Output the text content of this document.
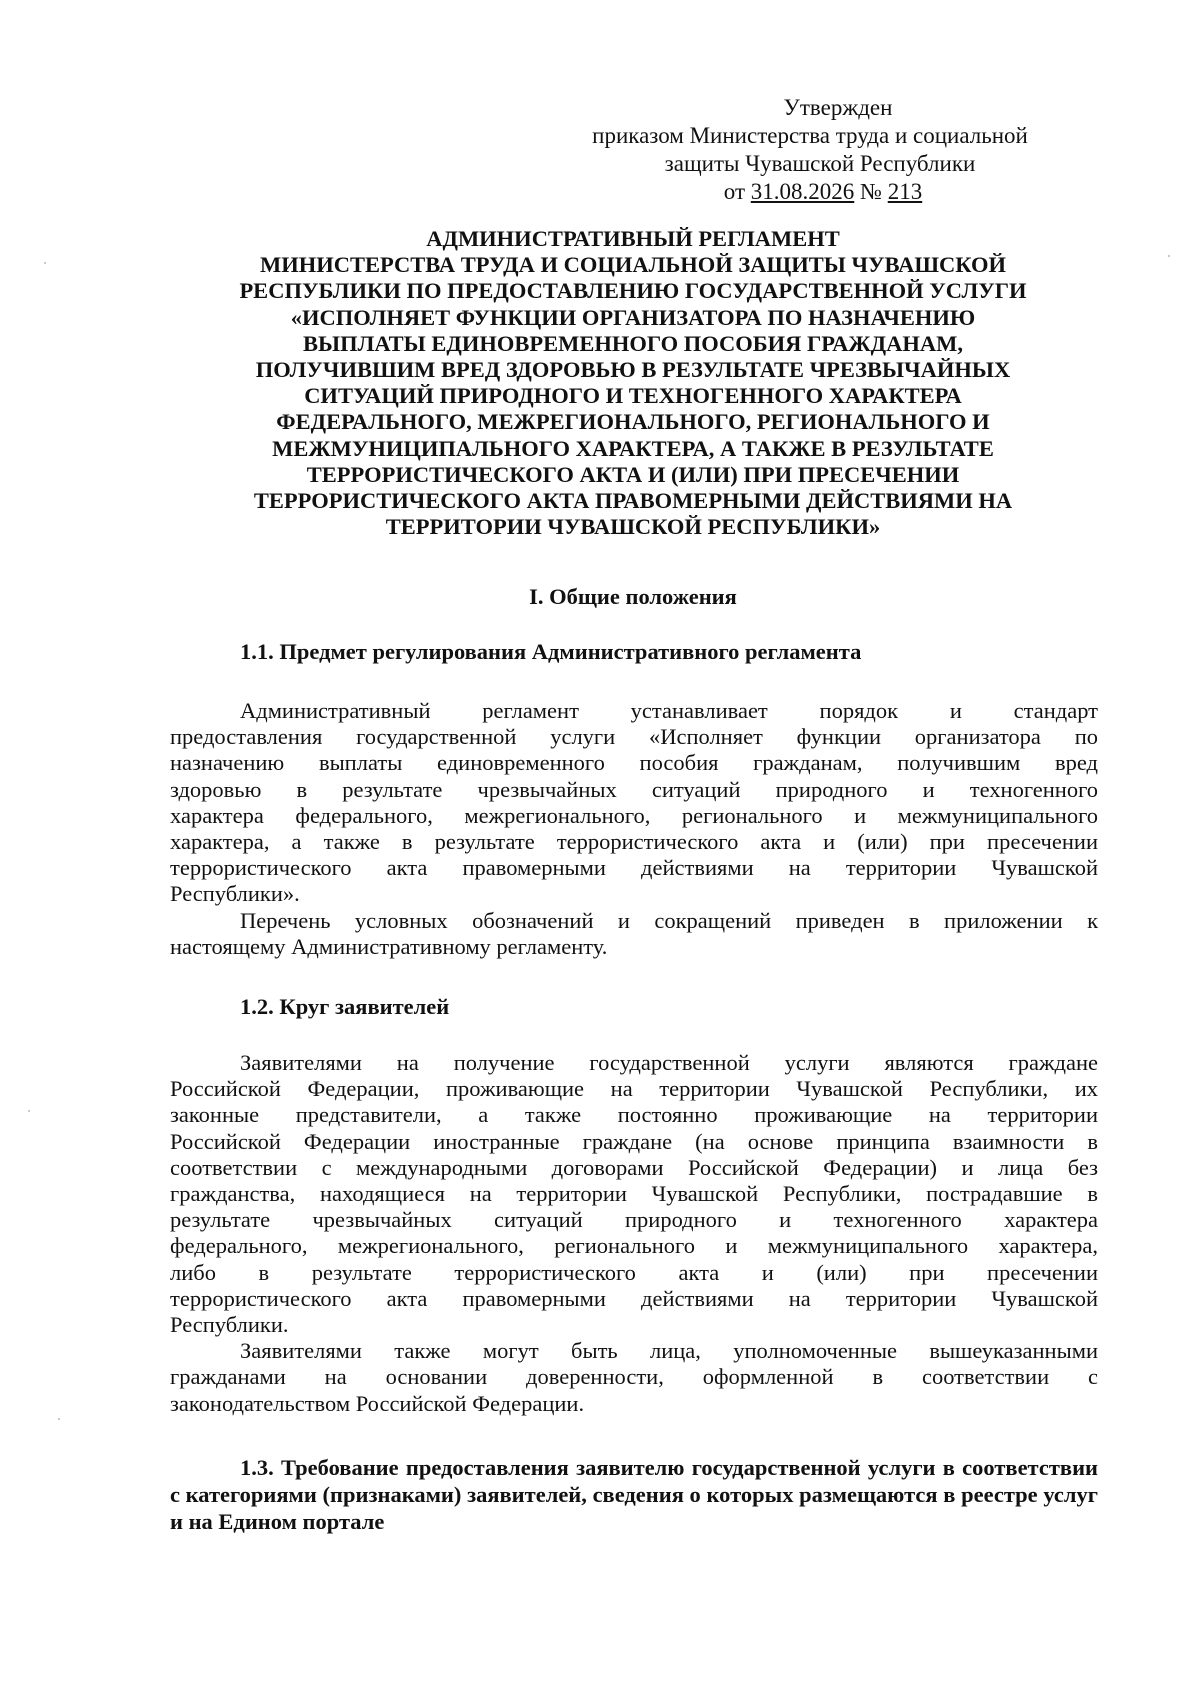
Утвержден
приказом Министерства труда и социальной
защиты Чувашской Республики
от 31.08.2026 № 213
АДМИНИСТРАТИВНЫЙ РЕГЛАМЕНТ
МИНИСТЕРСТВА ТРУДА И СОЦИАЛЬНОЙ ЗАЩИТЫ ЧУВАШСКОЙ
РЕСПУБЛИКИ ПО ПРЕДОСТАВЛЕНИЮ ГОСУДАРСТВЕННОЙ УСЛУГИ
«ИСПОЛНЯЕТ ФУНКЦИИ ОРГАНИЗАТОРА ПО НАЗНАЧЕНИЮ
ВЫПЛАТЫ ЕДИНОВРЕМЕННОГО ПОСОБИЯ ГРАЖДАНАМ,
ПОЛУЧИВШИМ ВРЕД ЗДОРОВЬЮ В РЕЗУЛЬТАТЕ ЧРЕЗВЫЧАЙНЫХ
СИТУАЦИЙ ПРИРОДНОГО И ТЕХНОГЕННОГО ХАРАКТЕРА
ФЕДЕРАЛЬНОГО, МЕЖРЕГИОНАЛЬНОГО, РЕГИОНАЛЬНОГО И
МЕЖМУНИЦИПАЛЬНОГО ХАРАКТЕРА, А ТАКЖЕ В РЕЗУЛЬТАТЕ
ТЕРРОРИСТИЧЕСКОГО АКТА И (ИЛИ) ПРИ ПРЕСЕЧЕНИИ
ТЕРРОРИСТИЧЕСКОГО АКТА ПРАВОМЕРНЫМИ ДЕЙСТВИЯМИ НА
ТЕРРИТОРИИ ЧУВАШСКОЙ РЕСПУБЛИКИ»
I. Общие положения
1.1. Предмет регулирования Административного регламента
Административный регламент устанавливает порядок и стандарт
предоставления государственной услуги «Исполняет функции организатора по
назначению выплаты единовременного пособия гражданам, получившим вред
здоровью в результате чрезвычайных ситуаций природного и техногенного
характера федерального, межрегионального, регионального и межмуниципального
характера, а также в результате террористического акта и (или) при пресечении
террористического акта правомерными действиями на территории Чувашской
Республики».
Перечень условных обозначений и сокращений приведен в приложении к
настоящему Административному регламенту.
1.2. Круг заявителей
Заявителями на получение государственной услуги являются граждане
Российской Федерации, проживающие на территории Чувашской Республики, их
законные представители, а также постоянно проживающие на территории
Российской Федерации иностранные граждане (на основе принципа взаимности в
соответствии с международными договорами Российской Федерации) и лица без
гражданства, находящиеся на территории Чувашской Республики, пострадавшие в
результате чрезвычайных ситуаций природного и техногенного характера
федерального, межрегионального, регионального и межмуниципального характера,
либо в результате террористического акта и (или) при пресечении
террористического акта правомерными действиями на территории Чувашской
Республики.
Заявителями также могут быть лица, уполномоченные вышеуказанными
гражданами на основании доверенности, оформленной в соответствии с
законодательством Российской Федерации.
1.3. Требование предоставления заявителю государственной услуги в соответствии с категориями (признаками) заявителей, сведения о которых размещаются в реестре услуг и на Едином портале
